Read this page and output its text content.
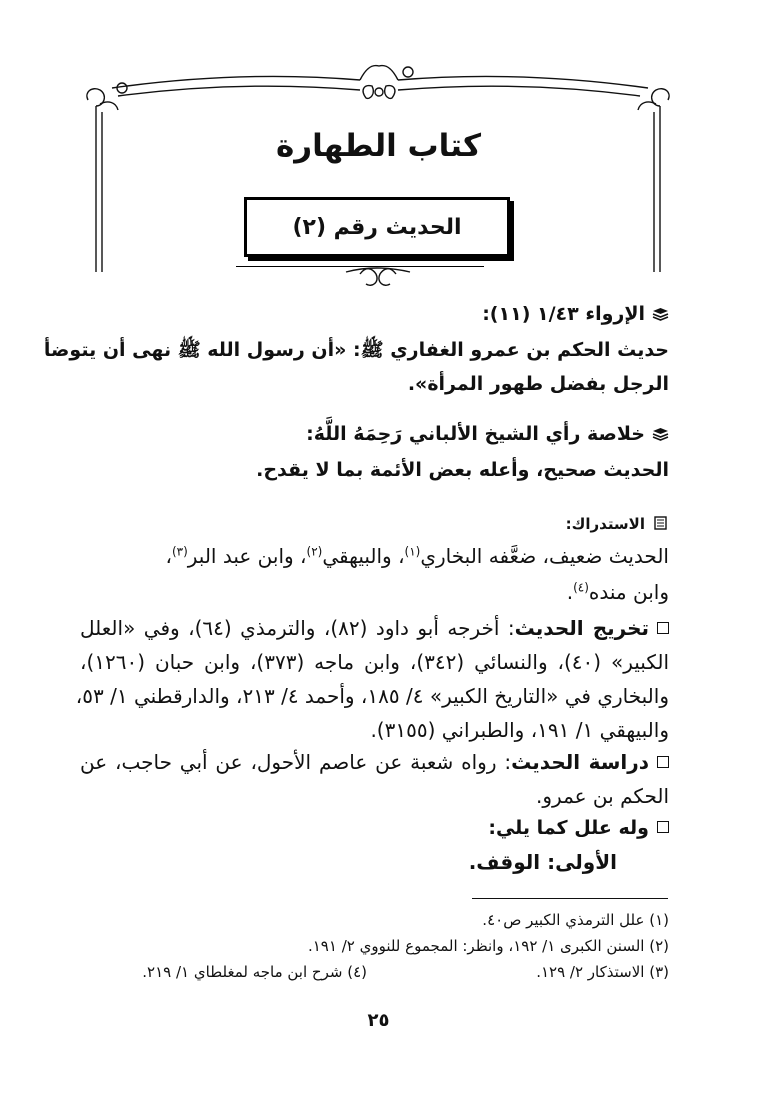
كتاب الطهارة
الحديث رقم (٢)
الإرواء ١/٤٣ (١١):
حديث الحكم بن عمرو الغفاري ﷺ: «أن رسول الله ﷺ نهى أن يتوضأ
الرجل بفضل طهور المرأة».
خلاصة رأي الشيخ الألباني رَحِمَهُ اللَّهُ:
الحديث صحيح، وأعله بعض الأئمة بما لا يقدح.
الاستدراك:
الحديث ضعيف، ضعَّفه البخاري$^{(١)}$، والبيهقي$^{(٢)}$، وابن عبد البر$^{(٣)}$،
وابن منده$^{(٤)}$.
تخريج الحديث: أخرجه أبو داود (٨٢)، والترمذي (٦٤)، وفي «العلل
الكبير» (٤٠)، والنسائي (٣٤٢)، وابن ماجه (٣٧٣)، وابن حبان (١٢٦٠)،
والبخاري في «التاريخ الكبير» ٤/ ١٨٥، وأحمد ٤/ ٢١٣، والدارقطني ١/ ٥٣،
والبيهقي ١/ ١٩١، والطبراني (٣١٥٥).
دراسة الحديث: رواه شعبة عن عاصم الأحول، عن أبي حاجب، عن
الحكم بن عمرو.
وله علل كما يلي:
الأولى: الوقف.
(١) علل الترمذي الكبير ص٤٠.
(٢) السنن الكبرى ١/ ١٩٢، وانظر: المجموع للنووي ٢/ ١٩١.
(٣) الاستذكار ٢/ ١٢٩.
(٤) شرح ابن ماجه لمغلطاي ١/ ٢١٩.
٢٥
